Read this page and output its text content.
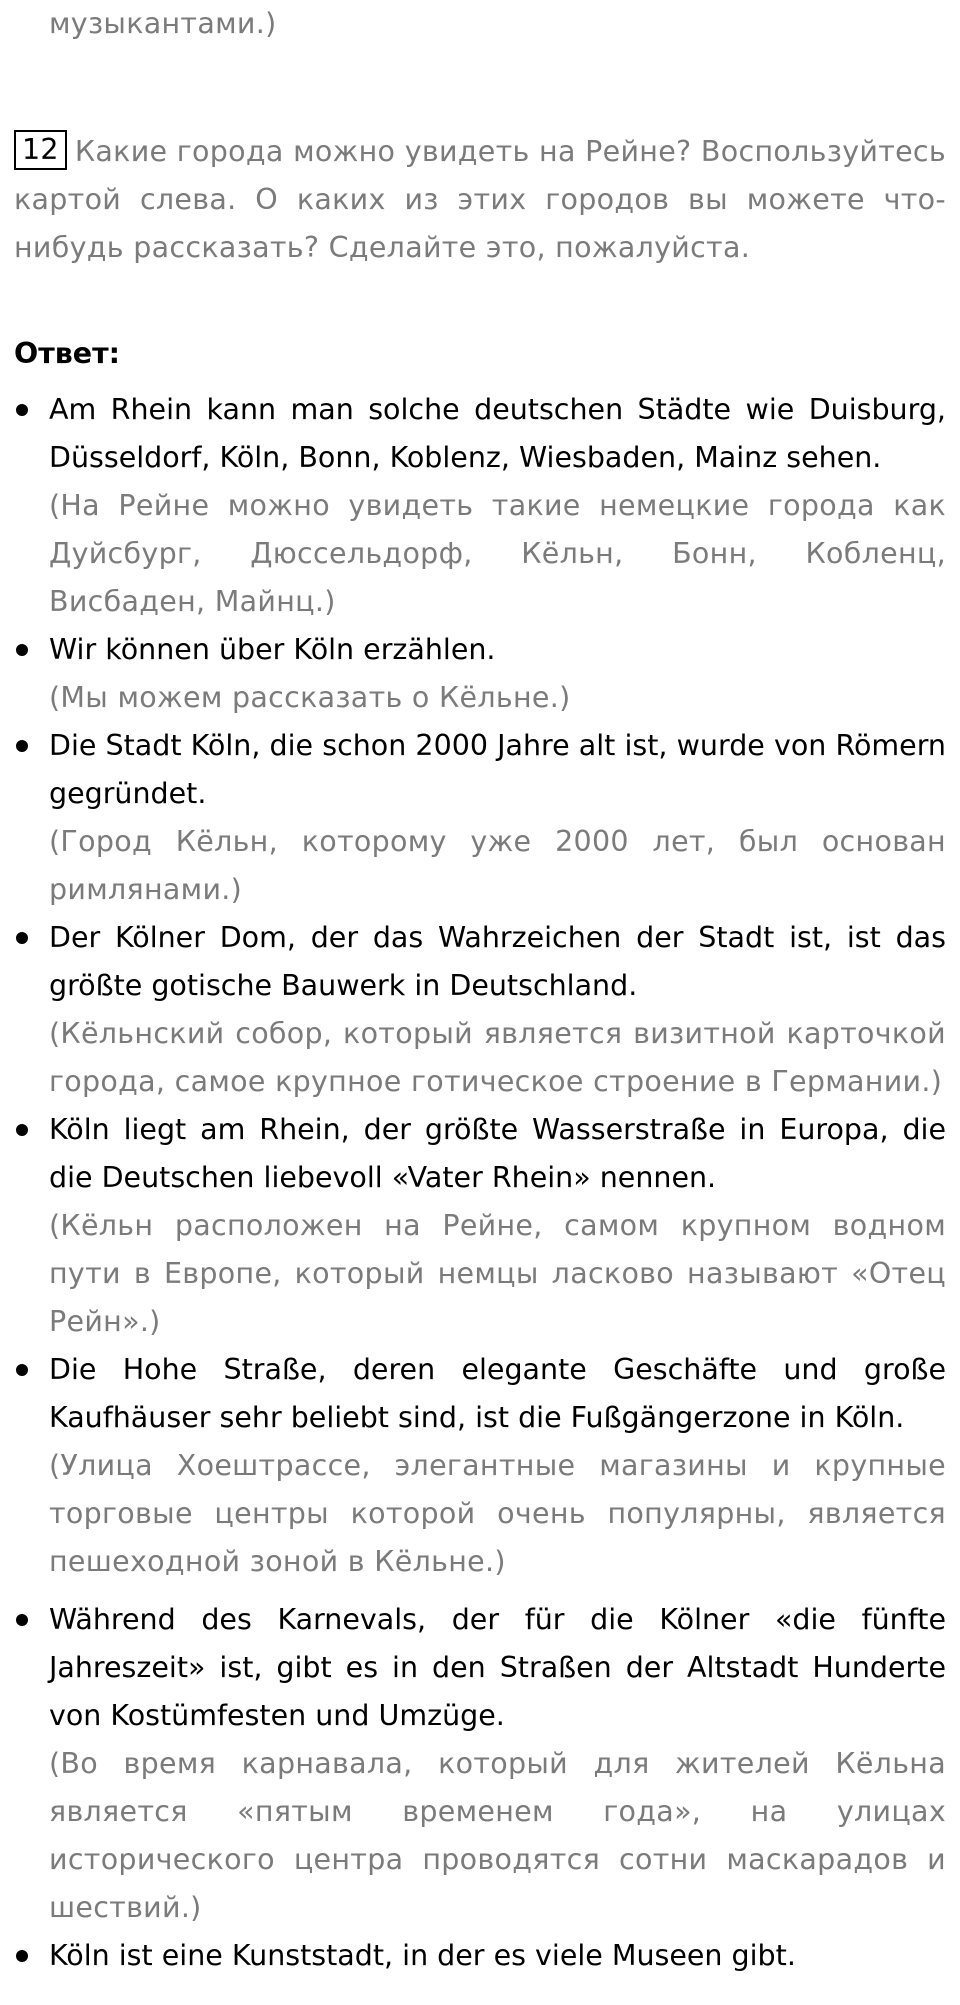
музыкантами.)

12 Какие города можно увидеть на Рейне? Воспользуйтесь картой слева. О каких из этих городов вы можете что-нибудь рассказать? Сделайте это, пожалуйста.

Ответ:

Am Rhein kann man solche deutschen Städte wie Duisburg, Düsseldorf, Köln, Bonn, Koblenz, Wiesbaden, Mainz sehen.

(На Рейне можно увидеть такие немецкие города как Дуйсбург, Дюссельдорф, Кёльн, Бонн, Кобленц, Висбаден, Майнц.)

Wir können über Köln erzählen.

(Мы можем рассказать о Кёльне.)

Die Stadt Köln, die schon 2000 Jahre alt ist, wurde von Römern gegründet.

(Город Кёльн, которому уже 2000 лет, был основан римлянами.)

Der Kölner Dom, der das Wahrzeichen der Stadt ist, ist das größte gotische Bauwerk in Deutschland.

(Кёльнский собор, который является визитной карточкой города, самое крупное готическое строение в Германии.)

Köln liegt am Rhein, der größte Wasserstraße in Europa, die die Deutschen liebevoll «Vater Rhein» nennen.

(Кёльн расположен на Рейне, самом крупном водном пути в Европе, который немцы ласково называют «Отец Рейн».)

Die Hohe Straße, deren elegante Geschäfte und große Kaufhäuser sehr beliebt sind, ist die Fußgängerzone in Köln.

(Улица Хоештрассе, элегантные магазины и крупные торговые центры которой очень популярны, является пешеходной зоной в Кёльне.)

Während des Karnevals, der für die Kölner «die fünfte Jahreszeit» ist, gibt es in den Straßen der Altstadt Hunderte von Kostümfesten und Umzüge.

(Во время карнавала, который для жителей Кёльна является «пятым временем года», на улицах исторического центра проводятся сотни маскарадов и шествий.)

Köln ist eine Kunststadt, in der es viele Museen gibt.
